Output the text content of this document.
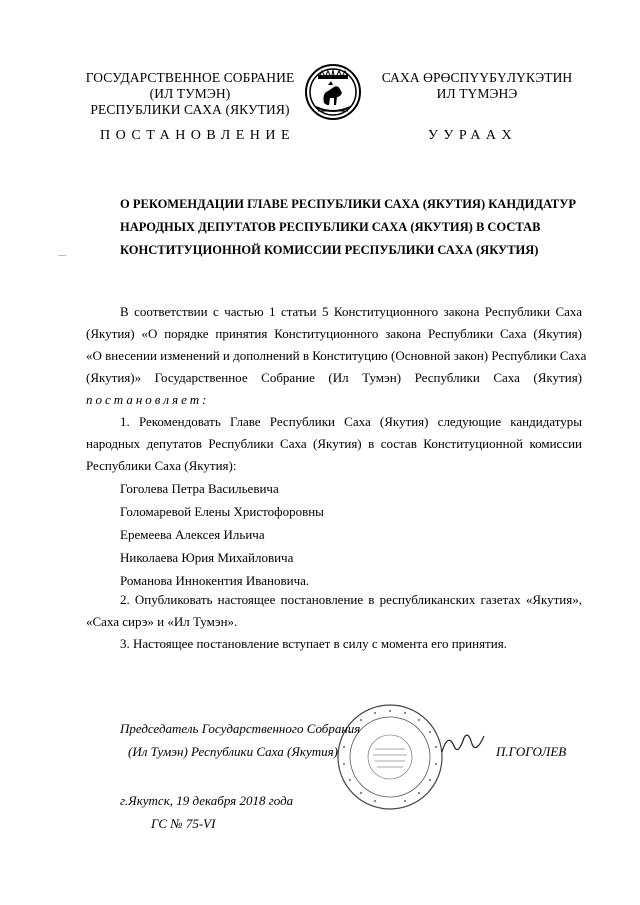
ГОСУДАРСТВЕННОЕ СОБРАНИЕ
(ИЛ ТУМЭН)
РЕСПУБЛИКИ САХА (ЯКУТИЯ)
САХА ӨРӨСПҮҮБҮЛҮКЭТИН
ИЛ ТҮМЭНЭ
ПОСТАНОВЛЕНИЕ	УУРААХ
О РЕКОМЕНДАЦИИ ГЛАВЕ РЕСПУБЛИКИ САХА (ЯКУТИЯ) КАНДИДАТУР
НАРОДНЫХ ДЕПУТАТОВ РЕСПУБЛИКИ САХА (ЯКУТИЯ) В СОСТАВ
КОНСТИТУЦИОННОЙ КОМИССИИ РЕСПУБЛИКИ САХА (ЯКУТИЯ)
В соответствии с частью 1 статьи 5 Конституционного закона Республики Саха
(Якутия) «О порядке принятия Конституционного закона Республики Саха (Якутия)
«О внесении изменений и дополнений в Конституцию (Основной закон) Республики Саха
(Якутия)» Государственное Собрание (Ил Тумэн) Республики Саха (Якутия)
постановляет:
1. Рекомендовать Главе Республики Саха (Якутия) следующие кандидатуры
народных депутатов Республики Саха (Якутия) в состав Конституционной комиссии
Республики Саха (Якутия):
Гоголева Петра Васильевича
Голомаревой Елены Христофоровны
Еремеева Алексея Ильича
Николаева Юрия Михайловича
Романова Иннокентия Ивановича.
2. Опубликовать настоящее постановление в республиканских газетах «Якутия»,
«Саха сирэ» и «Ил Тумэн».
3. Настоящее постановление вступает в силу с момента его принятия.
Председатель Государственного Собрания
(Ил Тумэн) Республики Саха (Якутия)	П.ГОГОЛЕВ
г.Якутск, 19 декабря 2018 года
ГС № 75-VI
